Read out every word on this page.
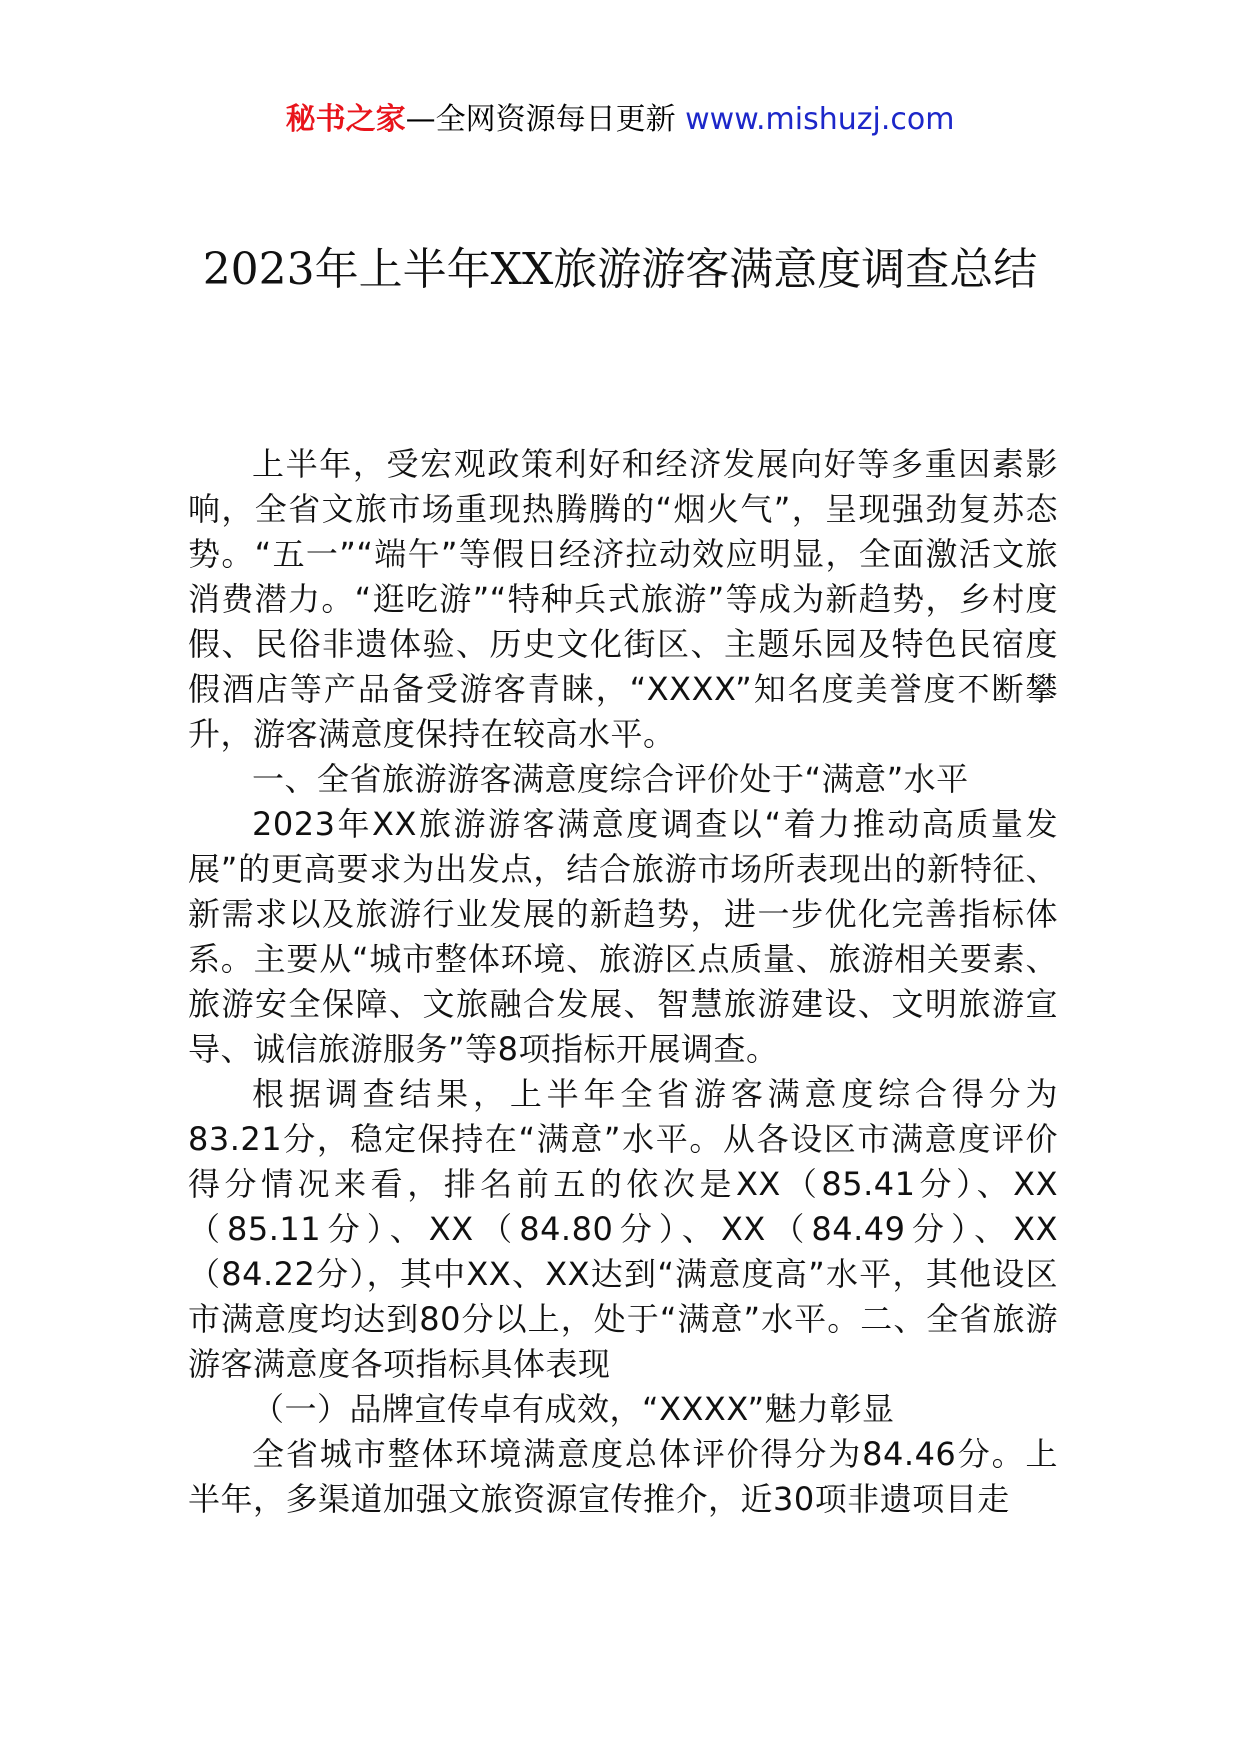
秘书之家—全网资源每日更新 www.mishuzj.com
2023年上半年XX旅游游客满意度调查总结

上半年，受宏观政策利好和经济发展向好等多重因素影响，全省文旅市场重现热腾腾的“烟火气”，呈现强劲复苏态势。“五一”“端午”等假日经济拉动效应明显，全面激活文旅消费潜力。“逛吃游”“特种兵式旅游”等成为新趋势，乡村度假、民俗非遗体验、历史文化街区、主题乐园及特色民宿度假酒店等产品备受游客青睐，“XXXX”知名度美誉度不断攀升，游客满意度保持在较高水平。

一、全省旅游游客满意度综合评价处于“满意”水平

2023年XX旅游游客满意度调查以“着力推动高质量发展”的更高要求为出发点，结合旅游市场所表现出的新特征、新需求以及旅游行业发展的新趋势，进一步优化完善指标体系。主要从“城市整体环境、旅游区点质量、旅游相关要素、旅游安全保障、文旅融合发展、智慧旅游建设、文明旅游宣导、诚信旅游服务”等8项指标开展调查。

根据调查结果，上半年全省游客满意度综合得分为83.21分，稳定保持在“满意”水平。从各设区市满意度评价得分情况来看，排名前五的依次是XX（85.41分）、XX（85.11分）、XX（84.80分）、XX（84.49分）、XX（84.22分），其中XX、XX达到“满意度高”水平，其他设区市满意度均达到80分以上，处于“满意”水平。二、全省旅游游客满意度各项指标具体表现

（一）品牌宣传卓有成效，“XXXX”魅力彰显

全省城市整体环境满意度总体评价得分为84.46分。上半年，多渠道加强文旅资源宣传推介，近30项非遗项目走
